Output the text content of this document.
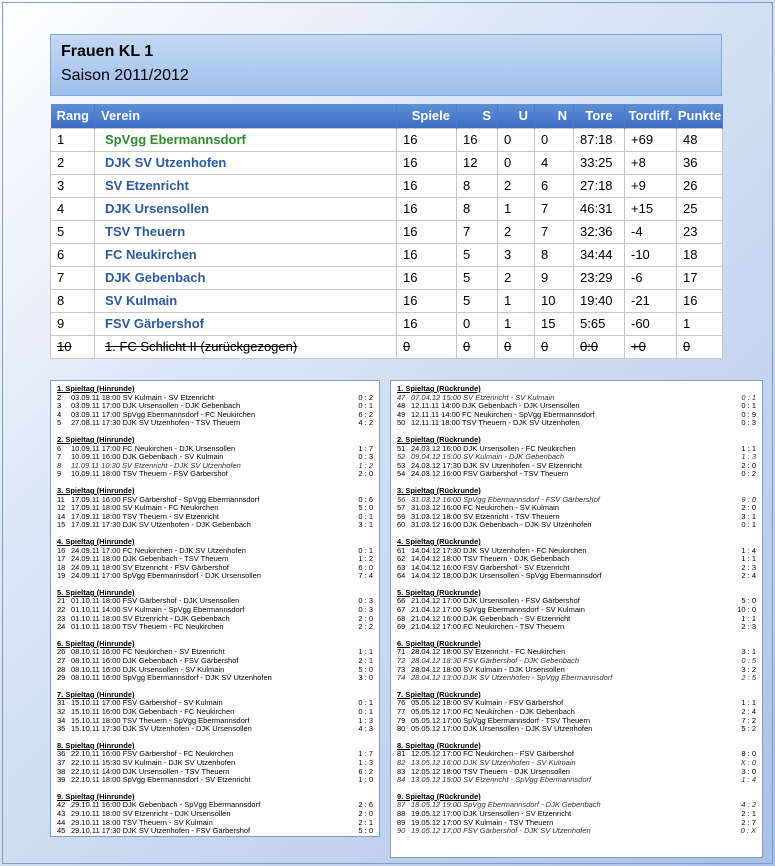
Frauen KL 1
Saison 2011/2012
Rang	Verein	Spiele	S	U	N	Tore	Tordiff.	Punkte
1	SpVgg Ebermannsdorf	16	16	0	0	87:18	+69	48
2	DJK SV Utzenhofen	16	12	0	4	33:25	+8	36
3	SV Etzenricht	16	8	2	6	27:18	+9	26
4	DJK Ursensollen	16	8	1	7	46:31	+15	25
5	TSV Theuern	16	7	2	7	32:36	-4	23
6	FC Neukirchen	16	5	3	8	34:44	-10	18
7	DJK Gebenbach	16	5	2	9	23:29	-6	17
8	SV Kulmain	16	5	1	10	19:40	-21	16
9	FSV Gärbershof	16	0	1	15	5:65	-60	1
10	1. FC Schlicht II (zurückgezogen)	0	0	0	0	0:0	+0	0
1. Spieltag (Hinrunde)
2	03.09.11 18:00 SV Kulmain - SV Etzenricht	0 : 2
3	03.09.11 17:00 DJK Ursensollen - DJK Gebenbach	0 : 1
4	03.09.11 17:00 SpVgg Ebermannsdorf - FC Neukirchen	6 : 2
5	27.08.11 17:30 DJK SV Utzenhofen - TSV Theuern	4 : 2
2. Spieltag (Hinrunde)
6	10.09.11 17:00 FC Neukirchen - DJK Ursensollen	1 : 7
7	10.09.11 16:00 DJK Gebenbach - SV Kulmain	0 : 3
8	11.09.11 10:30 SV Etzenricht - DJK SV Utzenhofen	1 : 2
9	10.09.11 18:00 TSV Theuern - FSV Gärbershof	2 : 0
3. Spieltag (Hinrunde)
11 17.09.11 16:00 FSV Gärbershof - SpVgg Ebermannsdorf	0 : 6
12 17.09.11 18:00 SV Kulmain - FC Neukirchen	5 : 0
14 17.09.11 18:00 TSV Theuern - SV Etzenricht	0 : 1
15 17.09.11 17:30 DJK SV Utzenhofen - DJK Gebenbach	3 : 1
4. Spieltag (Hinrunde)
16 24.09.11 17:00 FC Neukirchen - DJK SV Utzenhofen	0 : 1
17 24.09.11 18:00 DJK Gebenbach - TSV Theuern	1 : 2
18 24.09.11 18:00 SV Etzenricht - FSV Gärbershof	6 : 0
19 24.09.11 17:00 SpVgg Ebermannsdorf - DJK Ursensollen	7 : 4
5. Spieltag (Hinrunde)
21 01.10.11 18:00 FSV Gärbershof - DJK Ursensollen	0 : 3
22 01.10.11 14:00 SV Kulmain - SpVgg Ebermannsdorf	0 : 3
23 01.10.11 18:00 SV Etzenricht - DJK Gebenbach	2 : 0
24 01.10.11 18:00 TSV Theuern - FC Neukirchen	2 : 2
6. Spieltag (Hinrunde)
26 08.10.11 16:00 FC Neukirchen - SV Etzenricht	1 : 1
27 08.10.11 16:00 DJK Gebenbach - FSV Gärbershof	2 : 1
28 08.10.11 16:00 DJK Ursensollen - SV Kulmain	5 : 0
29 08.10.11 16:00 SpVgg Ebermannsdorf - DJK SV Utzenhofen	3 : 0
7. Spieltag (Hinrunde)
31 15.10.11 17:00 FSV Gärbershof - SV Kulmain	0 : 1
32 15.10.11 16:00 DJK Gebenbach - FC Neukirchen	0 : 1
34 15.10.11 18:00 TSV Theuern - SpVgg Ebermannsdorf	1 : 3
35 15.10.11 17:30 DJK SV Utzenhofen - DJK Ursensollen	4 : 3
8. Spieltag (Hinrunde)
36 22.10.11 16:00 FSV Gärbershof - FC Neukirchen	1 : 7
37 22.10.11 15:30 SV Kulmain - DJK SV Utzenhofen	1 : 3
38 22.10.11 14:00 DJK Ursensollen - TSV Theuern	6 : 2
39 22.10.11 18:00 SpVgg Ebermannsdorf - SV Etzenricht	1 : 0
9. Spieltag (Hinrunde)
42 29.10.11 16:00 DJK Gebenbach - SpVgg Ebermannsdorf	2 : 6
43 29.10.11 18:00 SV Etzenricht - DJK Ursensollen	2 : 0
44 29.10.11 18:00 TSV Theuern - SV Kulmain	2 : 1
45 29.10.11 17:30 DJK SV Utzenhofen - FSV Gärbershof	5 : 0
1. Spieltag (Rückrunde)
47 07.04.12 15:00 SV Etzenricht - SV Kulmain	0 : 1
48 12.11.11 14:00 DJK Gebenbach - DJK Ursensollen	0 : 1
49 12.11.11 14:00 FC Neukirchen - SpVgg Ebermannsdorf	0 : 9
50 12.11.11 18:00 TSV Theuern - DJK SV Utzenhofen	0 : 3
2. Spieltag (Rückrunde)
51 24.03.12 16:00 DJK Ursensollen - FC Neukirchen	1 : 1
52 09.04.12 15:00 SV Kulmain - DJK Gebenbach	1 : 3
53 24.03.12 17:30 DJK SV Utzenhofen - SV Etzenricht	2 : 0
54 24.03.12 16:00 FSV Gärbershof - TSV Theuern	0 : 2
3. Spieltag (Rückrunde)
56 31.03.12 16:00 SpVgg Ebermannsdorf - FSV Gärbershof	9 : 0
57 31.03.12 16:00 FC Neukirchen - SV Kulmain	2 : 0
59 31.03.12 18:00 SV Etzenricht - TSV Theuern	3 : 1
60 31.03.12 16:00 DJK Gebenbach - DJK SV Utzenhofen	0 : 1
4. Spieltag (Rückrunde)
61 14.04.12 17:30 DJK SV Utzenhofen - FC Neukirchen	1 : 4
62 14.04.12 18:00 TSV Theuern - DJK Gebenbach	1 : 1
63 14.04.12 16:00 FSV Gärbershof - SV Etzenricht	2 : 3
64 14.04.12 18:00 DJK Ursensollen - SpVgg Ebermannsdorf	2 : 4
5. Spieltag (Rückrunde)
66 21.04.12 17:00 DJK Ursensollen - FSV Gärbershof	5 : 0
67 21.04.12 17:00 SpVgg Ebermannsdorf - SV Kulmain	10 : 0
68 21.04.12 16:00 DJK Gebenbach - SV Etzenricht	1 : 1
69 21.04.12 17:00 FC Neukirchen - TSV Theuern	2 : 3
6. Spieltag (Rückrunde)
71 28.04.12 18:00 SV Etzenricht - FC Neukirchen	3 : 1
72 28.04.12 18:30 FSV Gärbershof - DJK Gebenbach	0 : 5
73 28.04.12 18:00 SV Kulmain - DJK Ursensollen	3 : 2
74 28.04.12 13:00 DJK SV Utzenhofen - SpVgg Ebermannsdorf	2 : 5
7. Spieltag (Rückrunde)
76 05.05.12 18:00 SV Kulmain - FSV Gärbershof	1 : 1
77 05.05.12 17:00 FC Neukirchen - DJK Gebenbach	2 : 4
79 05.05.12 17:00 SpVgg Ebermannsdorf - TSV Theuern	7 : 2
80 05.05.12 17:00 DJK Ursensollen - DJK SV Utzenhofen	5 : 2
8. Spieltag (Rückrunde)
81 12.05.12 17:00 FC Neukirchen - FSV Gärbershof	8 : 0
82 13.05.12 16:00 DJK SV Utzenhofen - SV Kulmain	X : 0
83 12.05.12 18:00 TSV Theuern - DJK Ursensollen	3 : 0
84 13.05.12 15:00 SV Etzenricht - SpVgg Ebermannsdorf	1 : 4
9. Spieltag (Rückrunde)
87 18.05.12 19:00 SpVgg Ebermannsdorf - DJK Gebenbach	4 : 2
88 19.05.12 17:00 DJK Ursensollen - SV Etzenricht	2 : 1
89 19.05.12 17:00 SV Kulmain - TSV Theuern	2 : 7
90 19.05.12 17:00 FSV Gärbershof - DJK SV Utzenhofen	0 : X
